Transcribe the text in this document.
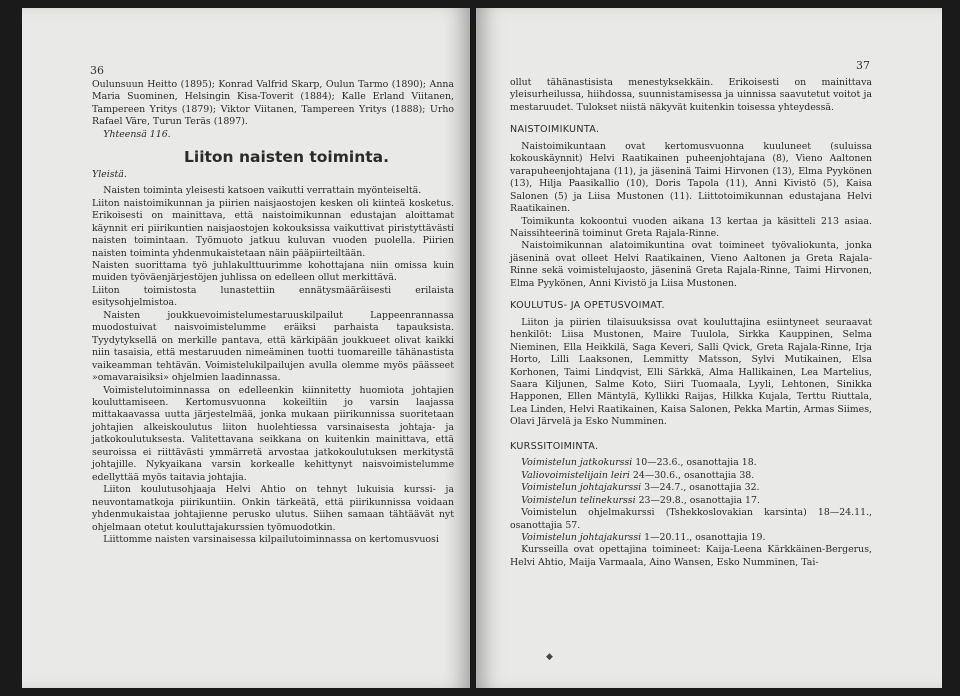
36

Oulunsuun Heitto (1895); Konrad Valfrid Skarp, Oulun Tarmo (1890); Anna Maria Suominen, Helsingin Kisa-Toverit (1884); Kalle Erland Viitanen, Tampereen Yritys (1879); Viktor Viitanen, Tampereen Yritys (1888); Urho Rafael Väre, Turun Teräs (1897).

Yhteensä 116.

Liiton naisten toiminta.
Yleistä.

Naisten toiminta yleisesti katsoen vaikutti verrattain myönteiseltä.

Liiton naistoimikunnan ja piirien naisjaostojen kesken oli kiinteä kosketus. Erikoisesti on mainittava, että naistoimikunnan edustajan aloittamat käynnit eri piirikuntien naisjaostojen kokouksissa vaikuttivat piristyttävästi naisten toimintaan. Työmuoto jatkuu kuluvan vuoden puolella. Piirien naisten toiminta yhdenmukaistetaan näin pääpiirteiltään.

Naisten suorittama työ juhlakulttuurimme kohottajana niin omissa kuin muiden työväenjärjestöjen juhlissa on edelleen ollut merkittävä.

Liiton toimistosta lunastettiin ennätysmääräisesti erilaista esitysohjelmistoa.

Naisten joukkuevoimistelumestaruuskilpailut Lappeenrannassa muodostuivat naisvoimistelumme eräiksi parhaista tapauksista. Tyydytyksellä on merkille pantava, että kärkipään joukkueet olivat kaikki niin tasaisia, että mestaruuden nimeäminen tuotti tuomareille tähänastista vaikeamman tehtävän. Voimistelukilpailujen avulla olemme myös päässeet »omavaraisiksi» ohjelmien laadinnassa.

Voimistelutoiminnassa on edelleenkin kiinnitetty huomiota johtajien kouluttamiseen. Kertomusvuonna kokeiltiin jo varsin laajassa mittakaavassa uutta järjestelmää, jonka mukaan piirikunnissa suoritetaan johtajien alkeiskoulutus liiton huolehtiessa varsinaisesta johtaja- ja jatkokoulutuksesta. Valitettavana seikkana on kuitenkin mainittava, että seuroissa ei riittävästi ymmärretä arvostaa jatkokoulutuksen merkitystä johtajille. Nykyaikana varsin korkealle kehittynyt naisvoimistelumme edellyttää myös taitavia johtajia.

Liiton koulutusohjaaja Helvi Ahtio on tehnyt lukuisia kurssi- ja neuvontamatkoja piirikuntiin. Onkin tärkeätä, että piirikunnissa voidaan yhdenmukaistaa johtajienne perusko ulutus. Siihen samaan tähtäävät nyt ohjelmaan otetut kouluttajakurssien työmuodotkin.

Liittomme naisten varsinaisessa kilpailutoiminnassa on kertomusvuosi

37

ollut tähänastisista menestyksekkäin. Erikoisesti on mainittava yleisurheilussa, hiihdossa, suunnistamisessa ja uinnissa saavutetut voitot ja mestaruudet. Tulokset niistä näkyvät kuitenkin toisessa yhteydessä.

NAISTOIMIKUNTA.

Naistoimikuntaan ovat kertomusvuonna kuuluneet (suluissa kokouskäynnit) Helvi Raatikainen puheenjohtajana (8), Vieno Aaltonen varapuheenjohtajana (11), ja jäseninä Taimi Hirvonen (13), Elma Pyykönen (13), Hilja Paasikallio (10), Doris Tapola (11), Anni Kivistö (5), Kaisa Salonen (5) ja Liisa Mustonen (11). Liittotoimikunnan edustajana Helvi Raatikainen.

Toimikunta kokoontui vuoden aikana 13 kertaa ja käsitteli 213 asiaa. Naissihteerinä toiminut Greta Rajala-Rinne.

Naistoimikunnan alatoimikuntina ovat toimineet työvaliokunta, jonka jäseninä ovat olleet Helvi Raatikainen, Vieno Aaltonen ja Greta Rajala-Rinne sekä voimistelujaosto, jäseninä Greta Rajala-Rinne, Taimi Hirvonen, Elma Pyykönen, Anni Kivistö ja Liisa Mustonen.

KOULUTUS- JA OPETUSVOIMAT.

Liiton ja piirien tilaisuuksissa ovat kouluttajina esiintyneet seuraavat henkilöt: Liisa Mustonen, Maire Tuulola, Sirkka Kauppinen, Selma Nieminen, Ella Heikkilä, Saga Keveri, Salli Qvick, Greta Rajala-Rinne, Irja Horto, Lilli Laaksonen, Lemmitty Matsson, Sylvi Mutikainen, Elsa Korhonen, Taimi Lindqvist, Elli Särkkä, Alma Hallikainen, Lea Martelius, Saara Kiljunen, Salme Koto, Siiri Tuomaala, Lyyli, Lehtonen, Sinikka Happonen, Ellen Mäntylä, Kyllikki Raijas, Hilkka Kujala, Terttu Riuttala, Lea Linden, Helvi Raatikainen, Kaisa Salonen, Pekka Martin, Armas Siimes, Olavi Järvelä ja Esko Numminen.

KURSSITOIMINTA.

Voimistelun jatkokurssi 10—23.6., osanottajia 18.

Valiovoimistelijain leiri 24—30.6., osanottajia 38.

Voimistelun johtajakurssi 3—24.7., osanottajia 32.

Voimistelun telinekurssi 23—29.8., osanottajia 17.

Voimistelun ohjelmakurssi (Tshekkoslovakian karsinta) 18—24.11., osanottajia 57.

Voimistelun johtajakurssi 1—20.11., osanottajia 19.

Kursseilla ovat opettajina toimineet: Kaija-Leena Kärkkäinen-Bergerus, Helvi Ahtio, Maija Varmaala, Aino Wansen, Esko Numminen, Tai-

◆
